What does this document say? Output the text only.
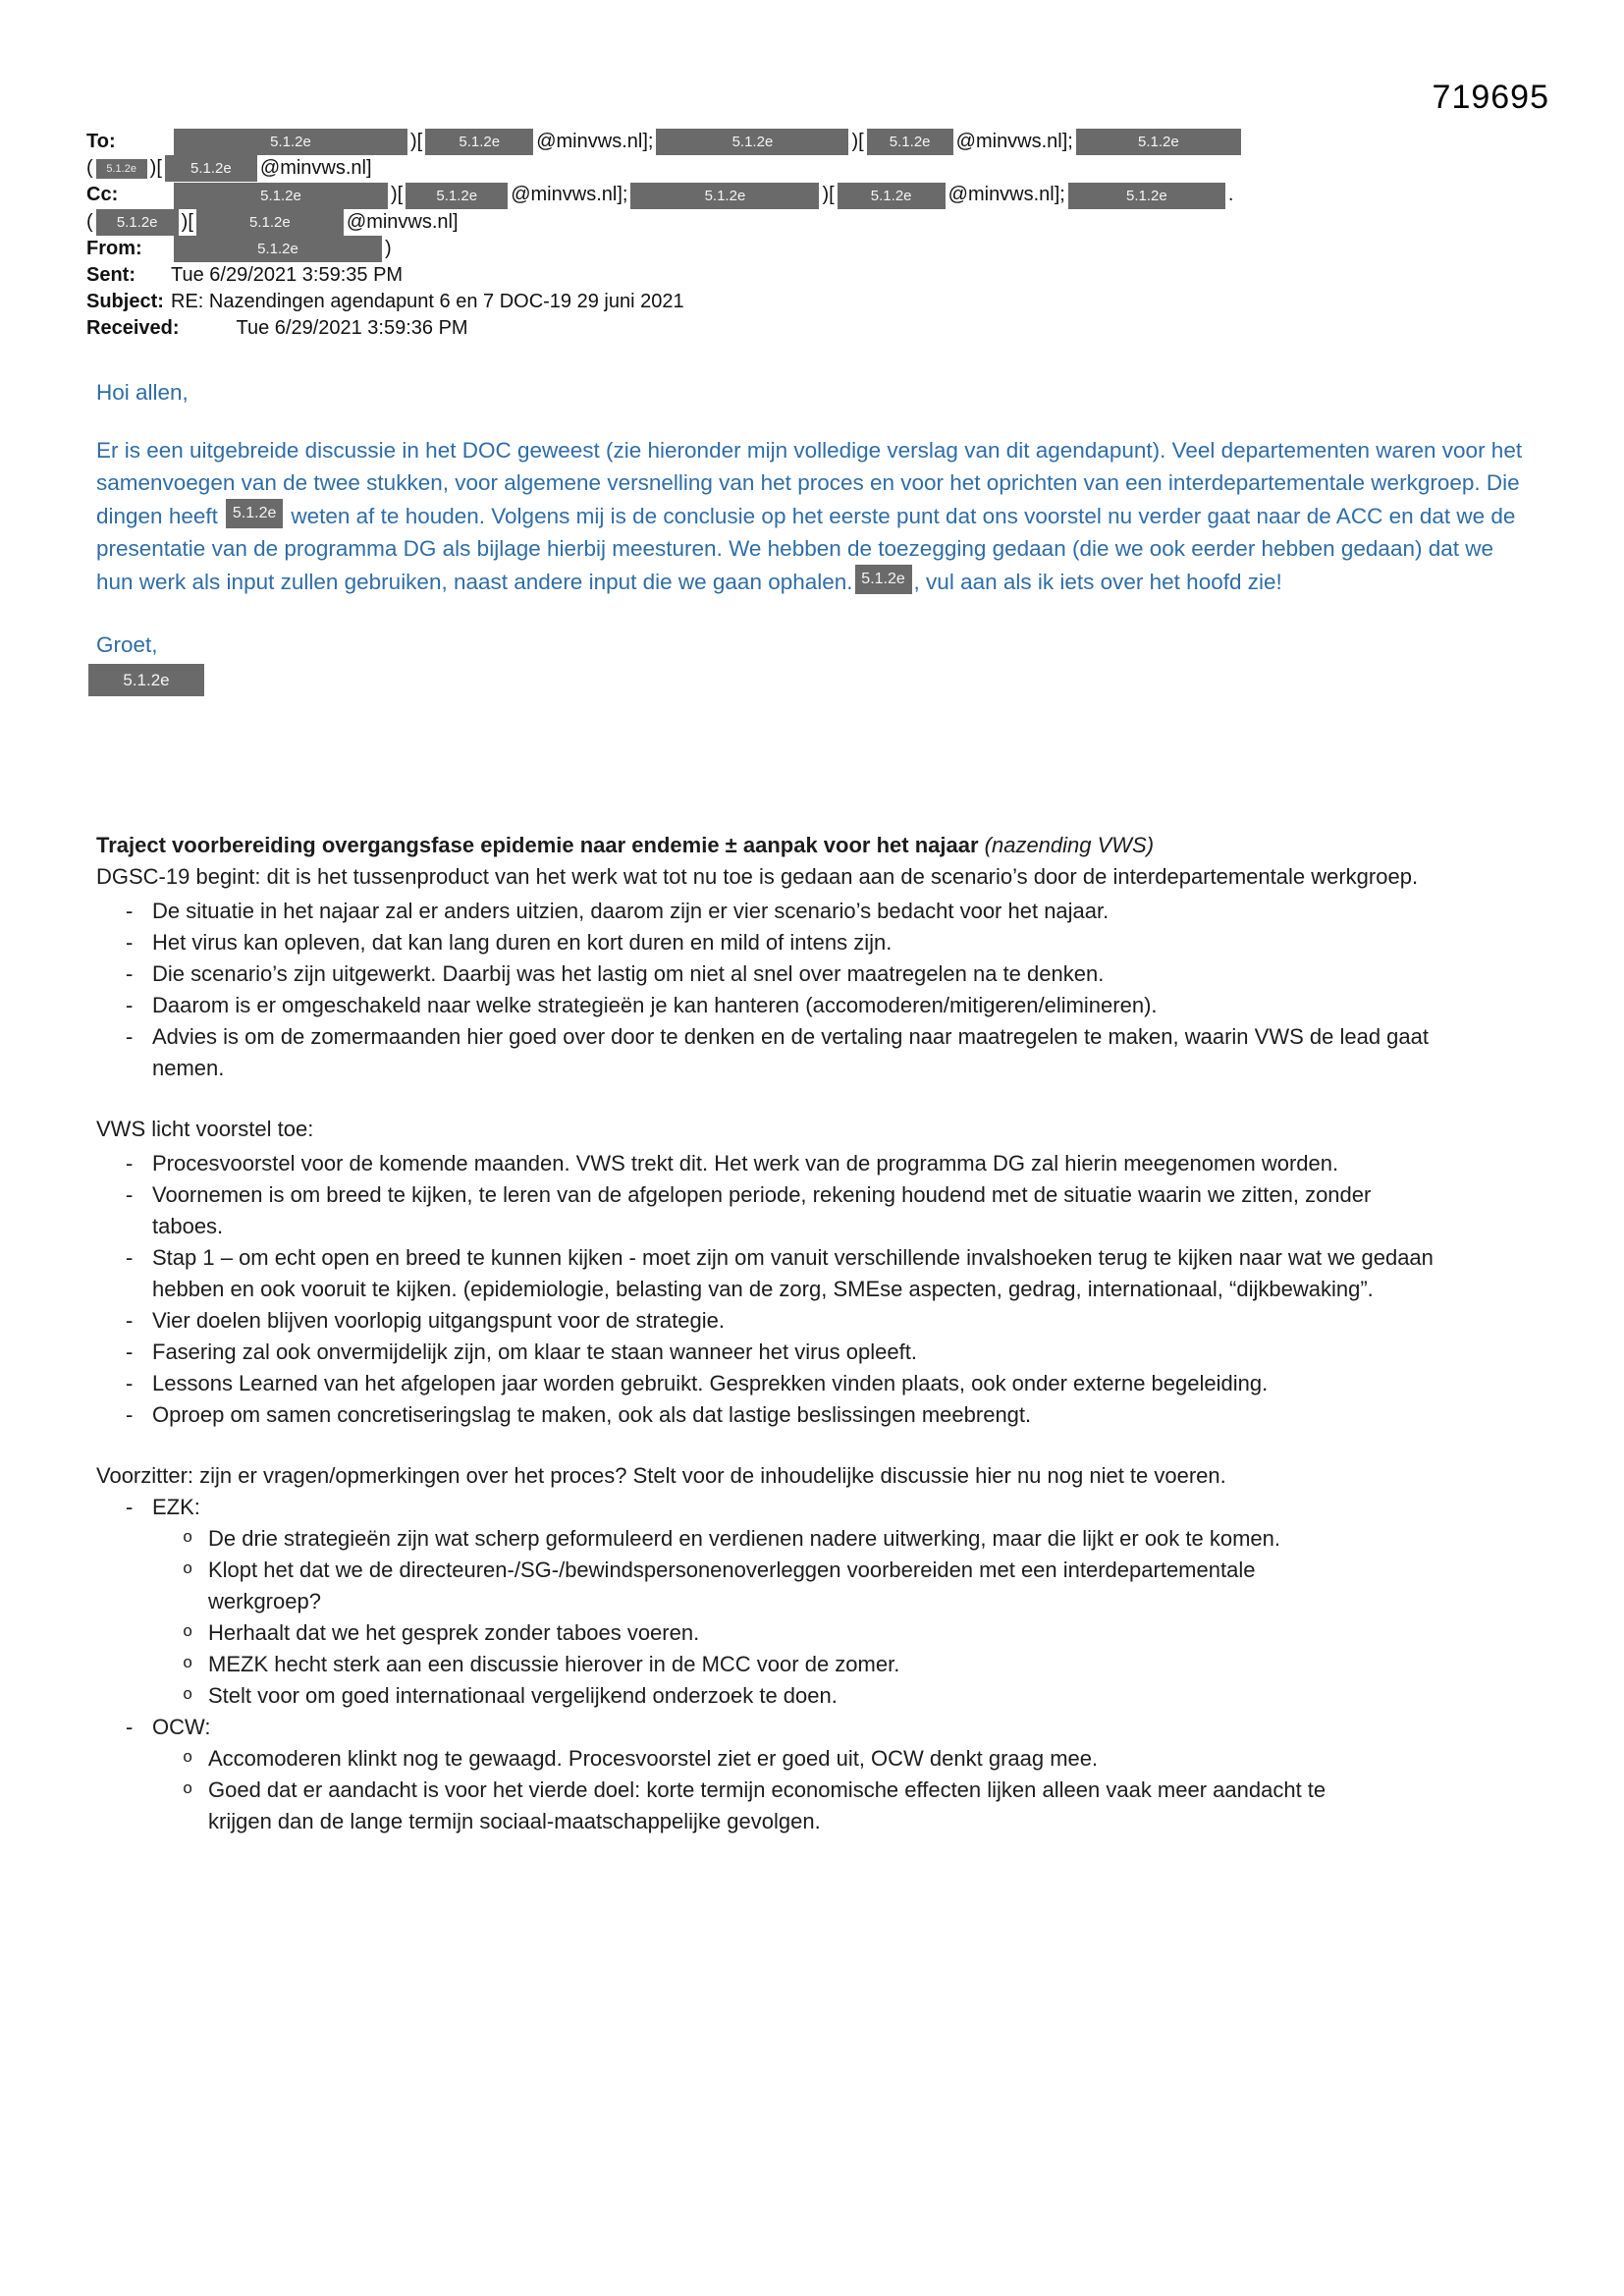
719695
To:	5.1.2e	)[ 5.1.2e @minvws.nl];	5.1.2e	)[ 5.1.2e @minvws.nl];	5.1.2e
( 5.1.2e )[ 5.1.2e @minvws.nl]
Cc:	5.1.2e	)[ 5.1.2e @minvws.nl];	5.1.2e	)[ 5.1.2e @minvws.nl];	5.1.2e	.
( 5.1.2e )[	5.1.2e	@minvws.nl]
From:	5.1.2e	)
Sent: Tue 6/29/2021 3:59:35 PM
Subject: RE: Nazendingen agendapunt 6 en 7 DOC-19 29 juni 2021
Received:	Tue 6/29/2021 3:59:36 PM

Hoi allen,

Er is een uitgebreide discussie in het DOC geweest (zie hieronder mijn volledige verslag van dit agendapunt). Veel departementen waren voor het samenvoegen van de twee stukken, voor algemene versnelling van het proces en voor het oprichten van een interdepartementale werkgroep. Die dingen heeft 5.1.2e weten af te houden. Volgens mij is de conclusie op het eerste punt dat ons voorstel nu verder gaat naar de ACC en dat we de presentatie van de programma DG als bijlage hierbij meesturen. We hebben de toezegging gedaan (die we ook eerder hebben gedaan) dat we hun werk als input zullen gebruiken, naast andere input die we gaan ophalen. 5.1.2e , vul aan als ik iets over het hoofd zie!

Groet,

5.1.2e

Traject voorbereiding overgangsfase epidemie naar endemie ± aanpak voor het najaar (nazending VWS)

DGSC-19 begint: dit is het tussenproduct van het werk wat tot nu toe is gedaan aan de scenario’s door de interdepartementale werkgroep.

- De situatie in het najaar zal er anders uitzien, daarom zijn er vier scenario’s bedacht voor het najaar.
- Het virus kan opleven, dat kan lang duren en kort duren en mild of intens zijn.
- Die scenario’s zijn uitgewerkt. Daarbij was het lastig om niet al snel over maatregelen na te denken.
- Daarom is er omgeschakeld naar welke strategieën je kan hanteren (accomoderen/mitigeren/elimineren).
- Advies is om de zomermaanden hier goed over door te denken en de vertaling naar maatregelen te maken, waarin VWS de lead gaat nemen.

VWS licht voorstel toe:

- Procesvoorstel voor de komende maanden. VWS trekt dit. Het werk van de programma DG zal hierin meegenomen worden.
- Voornemen is om breed te kijken, te leren van de afgelopen periode, rekening houdend met de situatie waarin we zitten, zonder taboes.
- Stap 1 – om echt open en breed te kunnen kijken - moet zijn om vanuit verschillende invalshoeken terug te kijken naar wat we gedaan hebben en ook vooruit te kijken. (epidemiologie, belasting van de zorg, SMEse aspecten, gedrag, internationaal, “dijkbewaking”.
- Vier doelen blijven voorlopig uitgangspunt voor de strategie.
- Fasering zal ook onvermijdelijk zijn, om klaar te staan wanneer het virus opleeft.
- Lessons Learned van het afgelopen jaar worden gebruikt. Gesprekken vinden plaats, ook onder externe begeleiding.
- Oproep om samen concretiseringslag te maken, ook als dat lastige beslissingen meebrengt.

Voorzitter: zijn er vragen/opmerkingen over het proces? Stelt voor de inhoudelijke discussie hier nu nog niet te voeren.

- EZK:
o De drie strategieën zijn wat scherp geformuleerd en verdienen nadere uitwerking, maar die lijkt er ook te komen.
o Klopt het dat we de directeuren-/SG-/bewindspersonenoverleggen voorbereiden met een interdepartementale werkgroep?
o Herhaalt dat we het gesprek zonder taboes voeren.
o MEZK hecht sterk aan een discussie hierover in de MCC voor de zomer.
o Stelt voor om goed internationaal vergelijkend onderzoek te doen.
- OCW:
o Accomoderen klinkt nog te gewaagd. Procesvoorstel ziet er goed uit, OCW denkt graag mee.
o Goed dat er aandacht is voor het vierde doel: korte termijn economische effecten lijken alleen vaak meer aandacht te krijgen dan de lange termijn sociaal-maatschappelijke gevolgen.
